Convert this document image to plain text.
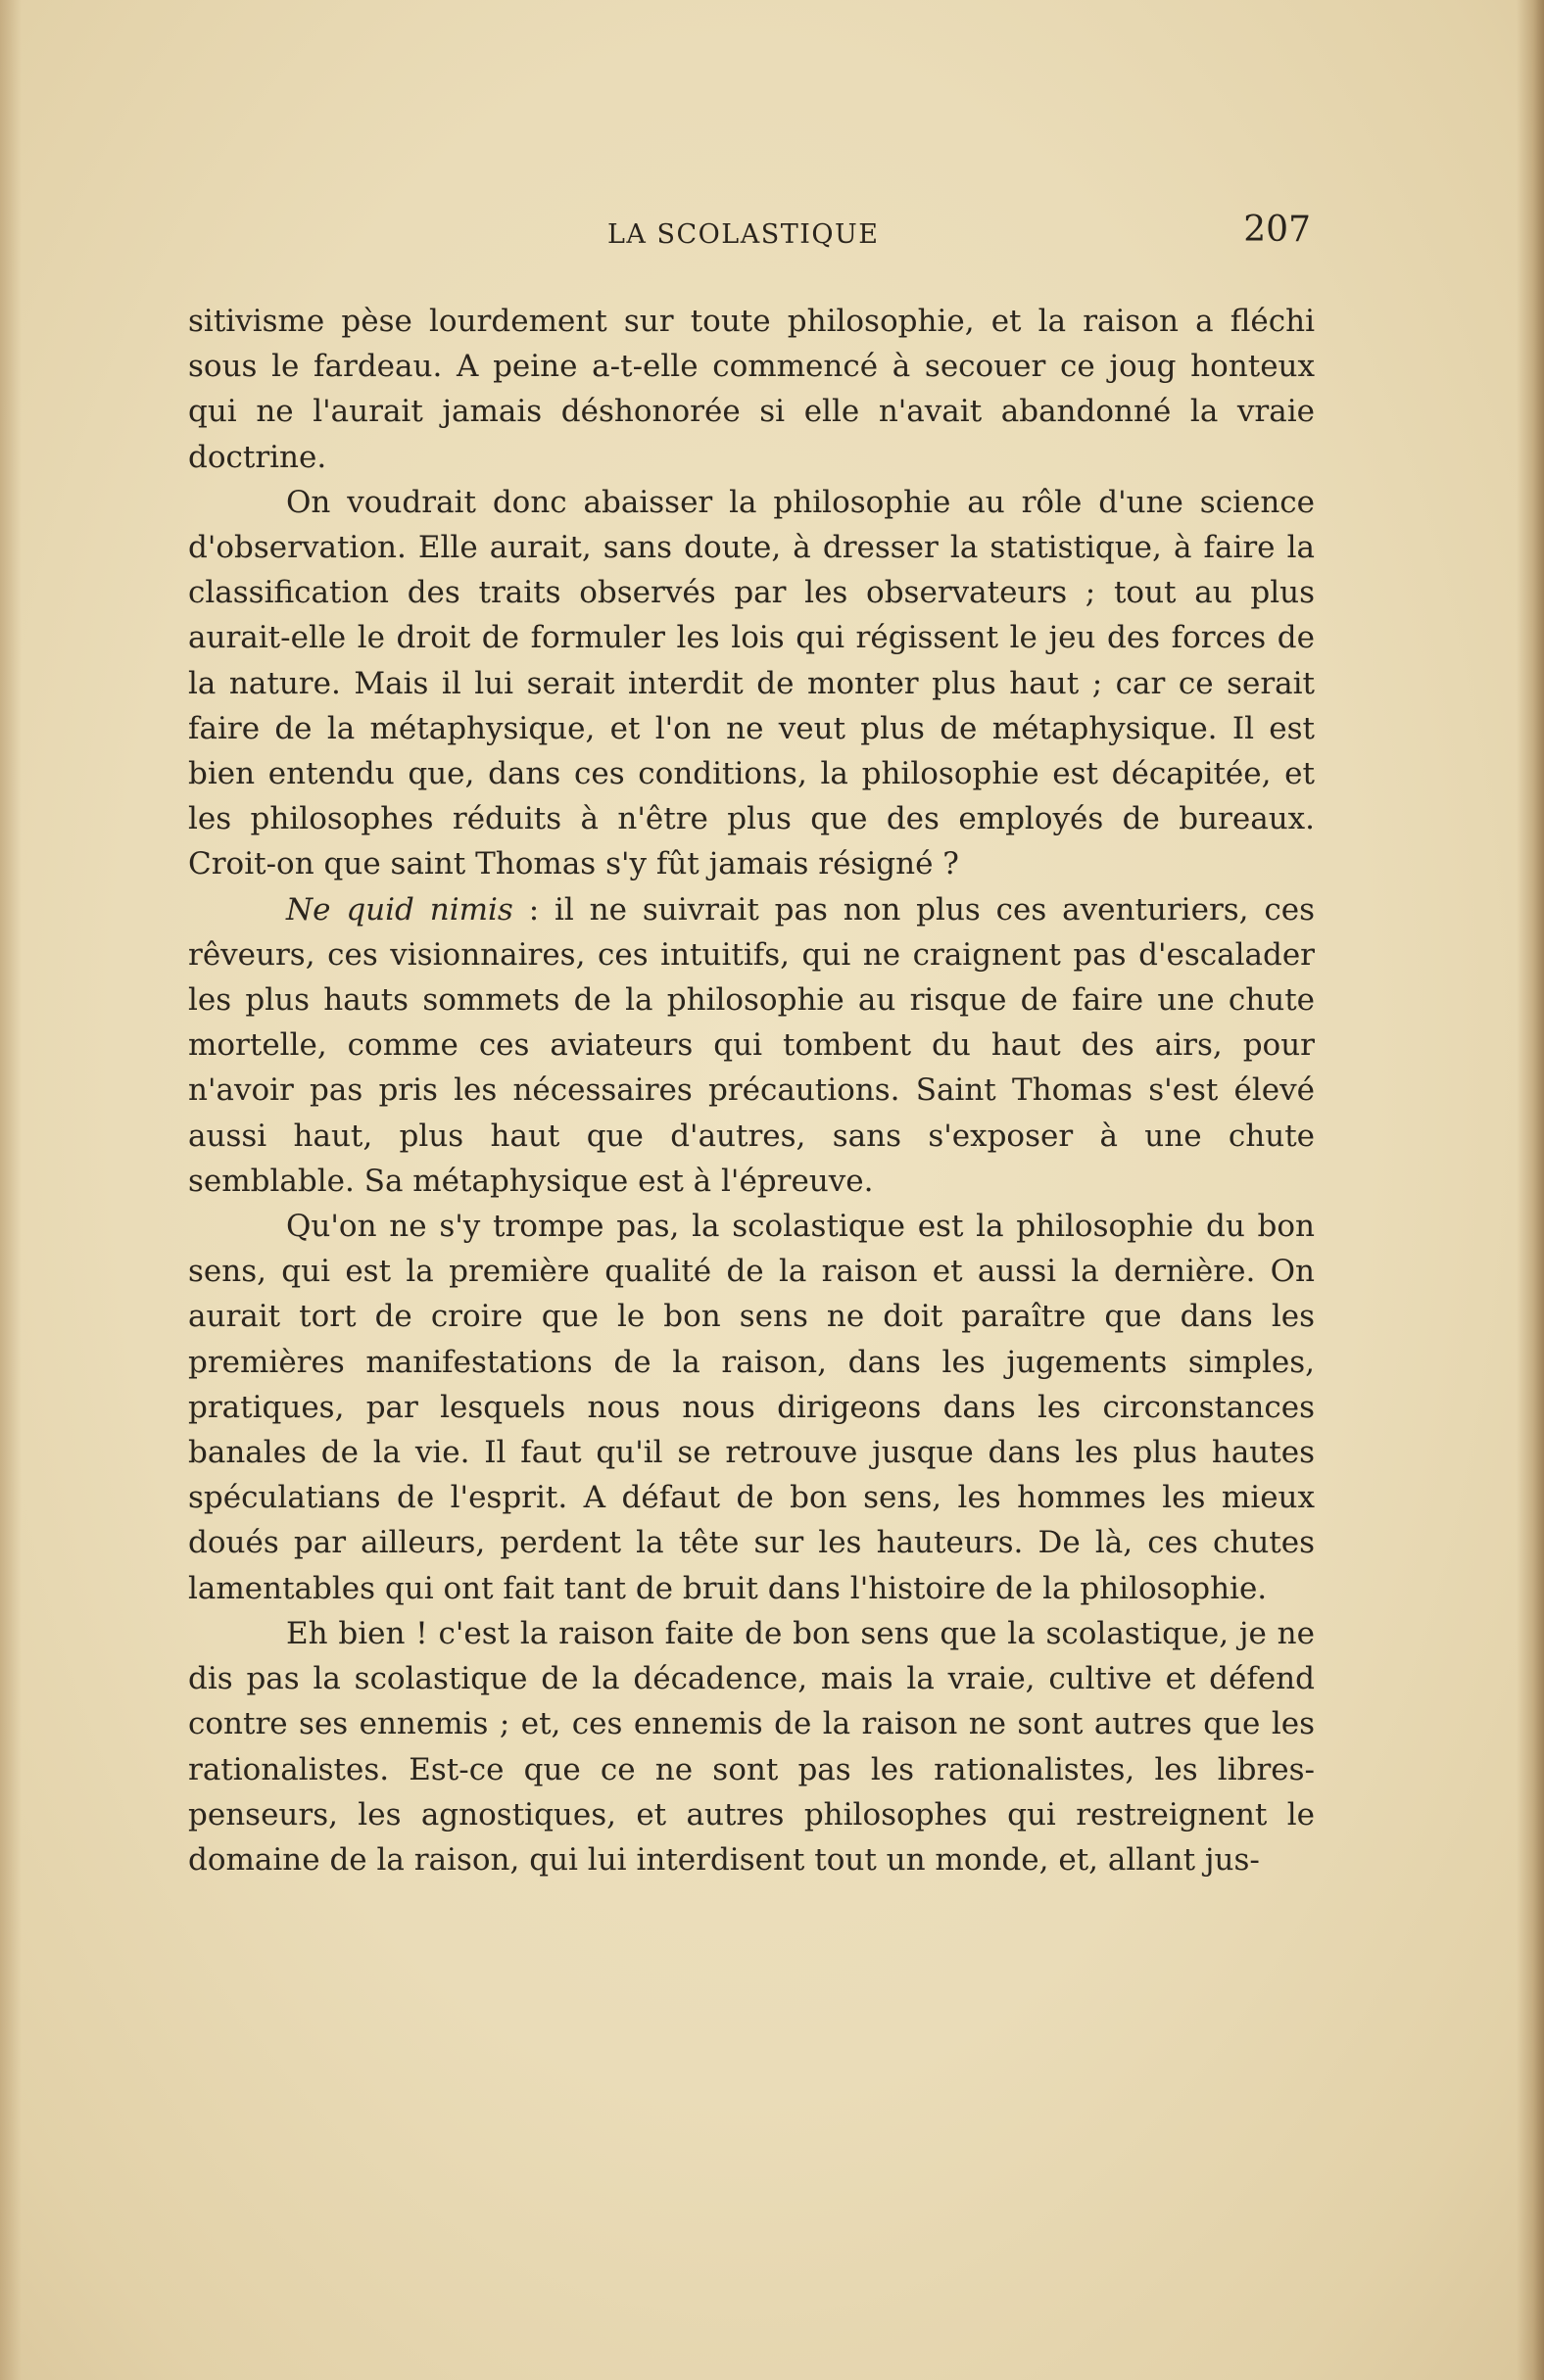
LA SCOLASTIQUE	207

sitivisme pèse lourdement sur toute philosophie, et la raison a fléchi sous le fardeau. A peine a-t-elle commencé à secouer ce joug honteux qui ne l'aurait jamais déshonorée si elle n'avait abandonné la vraie doctrine.

On voudrait donc abaisser la philosophie au rôle d'une science d'observation. Elle aurait, sans doute, à dresser la statistique, à faire la classification des traits observés par les observateurs ; tout au plus aurait-elle le droit de formuler les lois qui régissent le jeu des forces de la nature. Mais il lui serait interdit de monter plus haut ; car ce serait faire de la métaphysique, et l'on ne veut plus de métaphysique. Il est bien entendu que, dans ces conditions, la philosophie est décapitée, et les philosophes réduits à n'être plus que des employés de bureaux. Croit-on que saint Thomas s'y fût jamais résigné ?

Ne quid nimis : il ne suivrait pas non plus ces aventuriers, ces rêveurs, ces visionnaires, ces intuitifs, qui ne craignent pas d'escalader les plus hauts sommets de la philosophie au risque de faire une chute mortelle, comme ces aviateurs qui tombent du haut des airs, pour n'avoir pas pris les nécessaires précautions. Saint Thomas s'est élevé aussi haut, plus haut que d'autres, sans s'exposer à une chute semblable. Sa métaphysique est à l'épreuve.

Qu'on ne s'y trompe pas, la scolastique est la philosophie du bon sens, qui est la première qualité de la raison et aussi la dernière. On aurait tort de croire que le bon sens ne doit paraître que dans les premières manifestations de la raison, dans les jugements simples, pratiques, par lesquels nous nous dirigeons dans les circonstances banales de la vie. Il faut qu'il se retrouve jusque dans les plus hautes spéculatians de l'esprit. A défaut de bon sens, les hommes les mieux doués par ailleurs, perdent la tête sur les hauteurs. De là, ces chutes lamentables qui ont fait tant de bruit dans l'histoire de la philosophie.

Eh bien ! c'est la raison faite de bon sens que la scolastique, je ne dis pas la scolastique de la décadence, mais la vraie, cultive et défend contre ses ennemis ; et, ces ennemis de la raison ne sont autres que les rationalistes. Est-ce que ce ne sont pas les rationalistes, les libres-penseurs, les agnostiques, et autres philosophes qui restreignent le domaine de la raison, qui lui interdisent tout un monde, et, allant jus-
